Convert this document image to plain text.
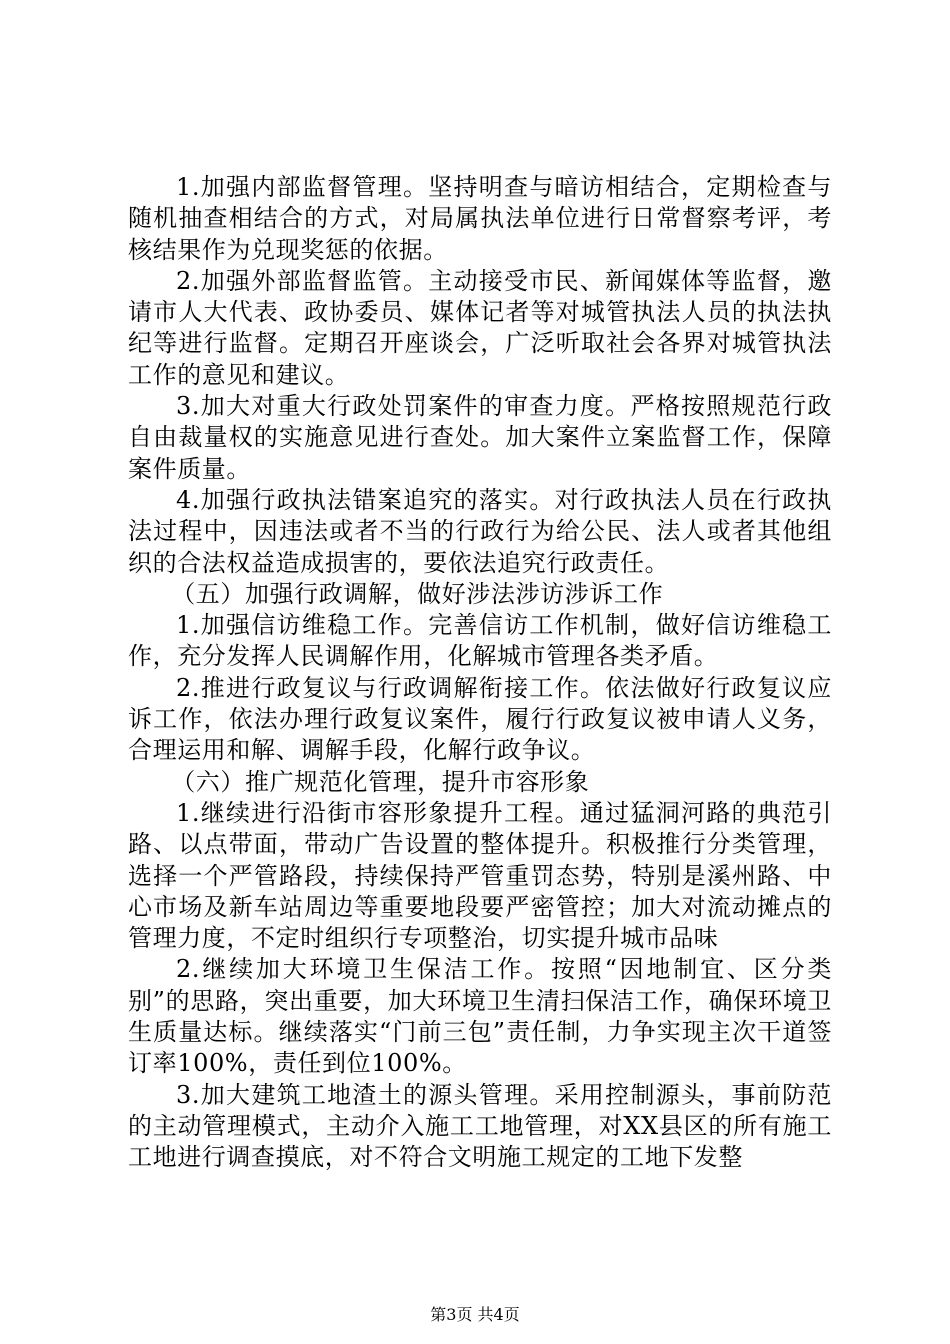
1.加强内部监督管理。坚持明查与暗访相结合，定期检查与随机抽查相结合的方式，对局属执法单位进行日常督察考评，考核结果作为兑现奖惩的依据。

2.加强外部监督监管。主动接受市民、新闻媒体等监督，邀请市人大代表、政协委员、媒体记者等对城管执法人员的执法执纪等进行监督。定期召开座谈会，广泛听取社会各界对城管执法工作的意见和建议。

3.加大对重大行政处罚案件的审查力度。严格按照规范行政自由裁量权的实施意见进行查处。加大案件立案监督工作，保障案件质量。

4.加强行政执法错案追究的落实。对行政执法人员在行政执法过程中，因违法或者不当的行政行为给公民、法人或者其他组织的合法权益造成损害的，要依法追究行政责任。

（五）加强行政调解，做好涉法涉访涉诉工作

1.加强信访维稳工作。完善信访工作机制，做好信访维稳工作，充分发挥人民调解作用，化解城市管理各类矛盾。

2.推进行政复议与行政调解衔接工作。依法做好行政复议应诉工作，依法办理行政复议案件，履行行政复议被申请人义务，合理运用和解、调解手段，化解行政争议。

（六）推广规范化管理，提升市容形象

1.继续进行沿街市容形象提升工程。通过猛洞河路的典范引路、以点带面，带动广告设置的整体提升。积极推行分类管理，选择一个严管路段，持续保持严管重罚态势，特别是溪州路、中心市场及新车站周边等重要地段要严密管控；加大对流动摊点的管理力度，不定时组织行专项整治，切实提升城市品味

2.继续加大环境卫生保洁工作。按照“因地制宜、区分类别”的思路，突出重要，加大环境卫生清扫保洁工作，确保环境卫生质量达标。继续落实“门前三包”责任制，力争实现主次干道签订率100%，责任到位100%。

3.加大建筑工地渣土的源头管理。采用控制源头，事前防范的主动管理模式，主动介入施工工地管理，对XX县区的所有施工工地进行调查摸底，对不符合文明施工规定的工地下发整

第3页 共4页
